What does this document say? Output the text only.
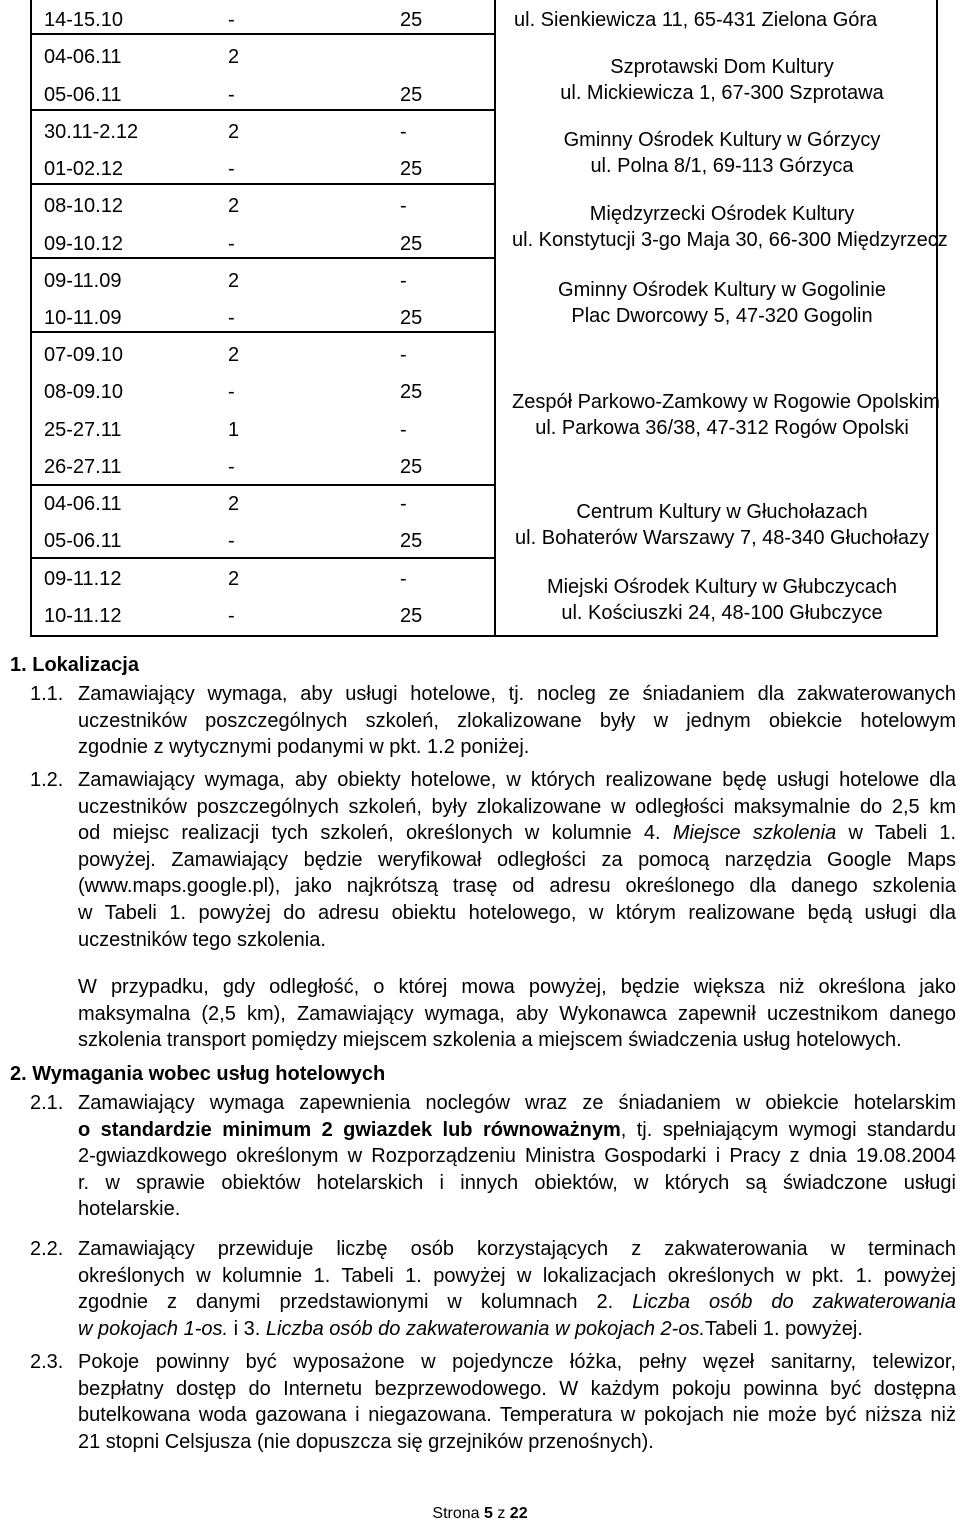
14-15.10	-	25
04-06.11	2
05-06.11	-	25
30.11-2.12	2	-
01-02.12	-	25
08-10.12	2	-
09-10.12	-	25
09-11.09	2	-
10-11.09	-	25
07-09.10	2	-
08-09.10	-	25
25-27.11	1	-
26-27.11	-	25
04-06.11	2	-
05-06.11	-	25
09-11.12	2	-
10-11.12	-	25
ul. Sienkiewicza 11, 65-431 Zielona Góra
Szprotawski Dom Kultury
ul. Mickiewicza 1, 67-300 Szprotawa
Gminny Ośrodek Kultury w Górzycy
ul. Polna 8/1, 69-113 Górzyca
Międzyrzecki Ośrodek Kultury
ul. Konstytucji 3-go Maja 30, 66-300 Międzyrzecz
Gminny Ośrodek Kultury w Gogolinie
Plac Dworcowy 5, 47-320 Gogolin
Zespół Parkowo-Zamkowy w Rogowie Opolskim
ul. Parkowa 36/38, 47-312 Rogów Opolski
Centrum Kultury w Głuchołazach
ul. Bohaterów Warszawy 7, 48-340 Głuchołazy
Miejski Ośrodek Kultury w Głubczycach
ul. Kościuszki 24, 48-100 Głubczyce
1. Lokalizacja
1.1. Zamawiający wymaga, aby usługi hotelowe, tj. nocleg ze śniadaniem dla zakwaterowanych
uczestników poszczególnych szkoleń, zlokalizowane były w jednym obiekcie hotelowym
zgodnie z wytycznymi podanymi w pkt. 1.2 poniżej.
1.2. Zamawiający wymaga, aby obiekty hotelowe, w których realizowane będę usługi hotelowe dla
uczestników poszczególnych szkoleń, były zlokalizowane w odległości maksymalnie do 2,5 km
od miejsc realizacji tych szkoleń, określonych w kolumnie 4. Miejsce szkolenia w Tabeli 1.
powyżej. Zamawiający będzie weryfikował odległości za pomocą narzędzia Google Maps
(www.maps.google.pl), jako najkrótszą trasę od adresu określonego dla danego szkolenia
w Tabeli 1. powyżej do adresu obiektu hotelowego, w którym realizowane będą usługi dla
uczestników tego szkolenia.
W przypadku, gdy odległość, o której mowa powyżej, będzie większa niż określona jako
maksymalna (2,5 km), Zamawiający wymaga, aby Wykonawca zapewnił uczestnikom danego
szkolenia transport pomiędzy miejscem szkolenia a miejscem świadczenia usług hotelowych.
2. Wymagania wobec usług hotelowych
2.1. Zamawiający wymaga zapewnienia noclegów wraz ze śniadaniem w obiekcie hotelarskim
o standardzie minimum 2 gwiazdek lub równoważnym, tj. spełniającym wymogi standardu
2-gwiazdkowego określonym w Rozporządzeniu Ministra Gospodarki i Pracy z dnia 19.08.2004
r. w sprawie obiektów hotelarskich i innych obiektów, w których są świadczone usługi
hotelarskie.
2.2. Zamawiający przewiduje liczbę osób korzystających z zakwaterowania w terminach
określonych w kolumnie 1. Tabeli 1. powyżej w lokalizacjach określonych w pkt. 1. powyżej
zgodnie z danymi przedstawionymi w kolumnach 2. Liczba osób do zakwaterowania
w pokojach 1-os. i 3. Liczba osób do zakwaterowania w pokojach 2-os.Tabeli 1. powyżej.
2.3. Pokoje powinny być wyposażone w pojedyncze łóżka, pełny węzeł sanitarny, telewizor,
bezpłatny dostęp do Internetu bezprzewodowego. W każdym pokoju powinna być dostępna
butelkowana woda gazowana i niegazowana. Temperatura w pokojach nie może być niższa niż
21 stopni Celsjusza (nie dopuszcza się grzejników przenośnych).
Strona 5 z 22
